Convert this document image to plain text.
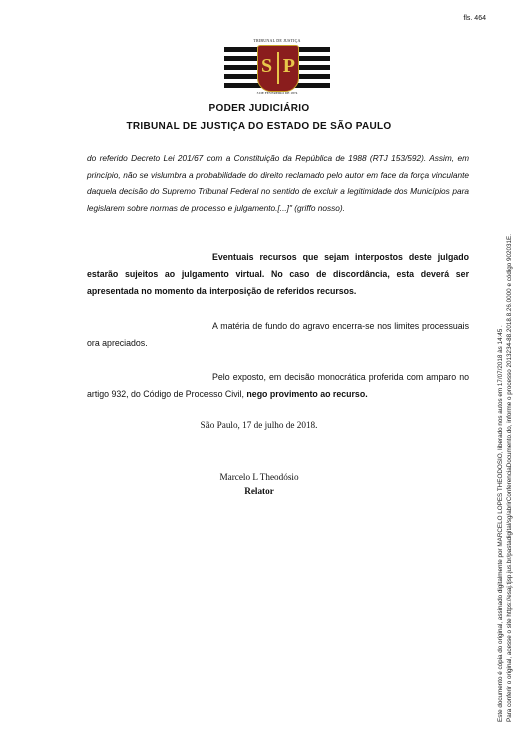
fls. 464
TRIBUNAL DE JUSTIÇA
S P
3 DE FEVEREIRO DE 1874
PODER JUDICIÁRIO
TRIBUNAL DE JUSTIÇA DO ESTADO DE SÃO PAULO
do referido Decreto Lei 201/67 com a Constituição da República de 1988 (RTJ 153/592). Assim, em princípio, não se vislumbra a probabilidade do direito reclamado pelo autor em face da força vinculante daquela decisão do Supremo Tribunal Federal no sentido de excluir a legitimidade dos Municípios para legislarem sobre normas de processo e julgamento.[...]" (griffo nosso).
Eventuais recursos que sejam interpostos deste julgado estarão sujeitos ao julgamento virtual. No caso de discordância, esta deverá ser apresentada no momento da interposição de referidos recursos.
A matéria de fundo do agravo encerra-se nos limites processuais ora apreciados.
Pelo exposto, em decisão monocrática proferida com amparo no artigo 932, do Código de Processo Civil, nego provimento ao recurso.
São Paulo, 17 de julho de 2018.
Marcelo L Theodósio
Relator	Este documento é cópia do original, assinado digitalmente por MARCELO LOPES THEODOSIO, liberado nos autos em 17/07/2018 às 14:45 . Para conferir o original, acesse o site https://esaj.tjsp.jus.br/pastadigital/sg/abrirConferenciaDocumento.do, informe o processo 2013234-88.2018.8.26.0000 e código 902031E.
